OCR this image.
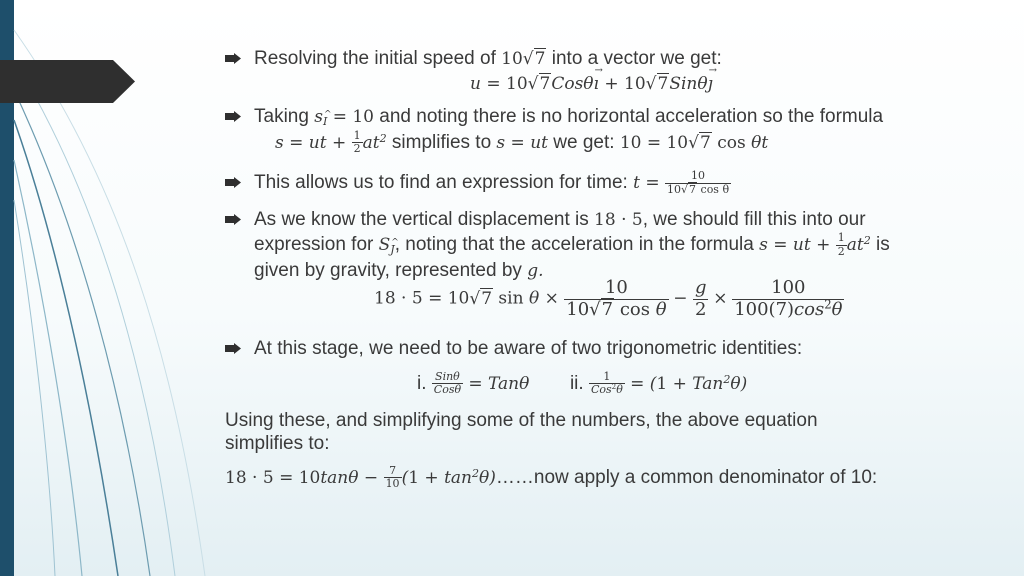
Resolving the initial speed of 10√7 into a vector we get:
u = 10√7Cosθı → + 10√7Sinθȷ →
Taking $s_I = 10$ and noting there is no horizontal acceleration so the formula
s = ut + $\frac{1}{2} at^2$ simplifies to s = ut we get: 10 = 10√7 cos θt
This allows us to find an expression for time: $t = \frac{10}{\text{10√7 cos θ}}$
As we know the vertical displacement is 18 · 5, we should fill this into our
expression for $S_J$, noting that the acceleration in the formula s = ut + $\frac{1}{2} at^2$ is
given by gravity, represented by g.
18 · 5 = 10√7 $\sin \theta \times \frac{10}{\text{10√7 cos θ}} - \frac{g}{2} \times \frac{100}{100(7)\cos^2\theta}$
At this stage, we need to be aware of two trigonometric identities:
i. $\frac{\text{Sinθ}}{\text{Cosθ}} = Tan\theta$ ii. $\frac{1}{Cos^2\theta} = (1 + Tan^2\theta)$
Using these, and simplifying some of the numbers, the above equation
simplifies to:
$18 \cdot 5 = 10\tan\theta - \frac{7}{10} (1$ + $\tan^2\theta)\dots\dots now$ apply a common denominator of 10:
